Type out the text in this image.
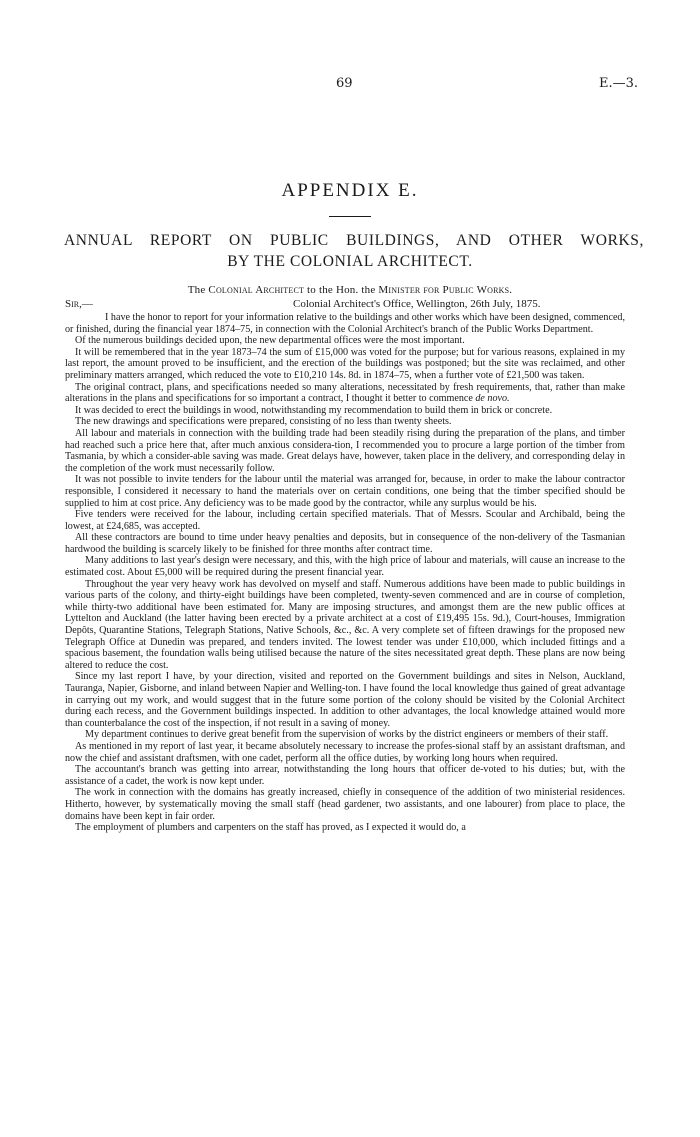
69	E.—3.
APPENDIX E.
ANNUAL REPORT ON PUBLIC BUILDINGS, AND OTHER WORKS,
BY THE COLONIAL ARCHITECT.
The Colonial Architect to the Hon. the Minister for Public Works.
Sir,—	Colonial Architect's Office, Wellington, 26th July, 1875.

I have the honor to report for your information relative to the buildings and other works which have been designed, commenced, or finished, during the financial year 1874–75, in connection with the Colonial Architect's branch of the Public Works Department.

Of the numerous buildings decided upon, the new departmental offices were the most important.

It will be remembered that in the year 1873–74 the sum of £15,000 was voted for the purpose; but for various reasons, explained in my last report, the amount proved to be insufficient, and the erection of the buildings was postponed; but the site was reclaimed, and other preliminary matters arranged, which reduced the vote to £10,210 14s. 8d. in 1874–75, when a further vote of £21,500 was taken.

The original contract, plans, and specifications needed so many alterations, necessitated by fresh requirements, that, rather than make alterations in the plans and specifications for so important a contract, I thought it better to commence de novo.

It was decided to erect the buildings in wood, notwithstanding my recommendation to build them in brick or concrete.

The new drawings and specifications were prepared, consisting of no less than twenty sheets.

All labour and materials in connection with the building trade had been steadily rising during the preparation of the plans, and timber had reached such a price here that, after much anxious considera-tion, I recommended you to procure a large portion of the timber from Tasmania, by which a consider-able saving was made. Great delays have, however, taken place in the delivery, and corresponding delay in the completion of the work must necessarily follow.

It was not possible to invite tenders for the labour until the material was arranged for, because, in order to make the labour contractor responsible, I considered it necessary to hand the materials over on certain conditions, one being that the timber specified should be supplied to him at cost price. Any deficiency was to be made good by the contractor, while any surplus would be his.

Five tenders were received for the labour, including certain specified materials. That of Messrs. Scoular and Archibald, being the lowest, at £24,685, was accepted.

All these contractors are bound to time under heavy penalties and deposits, but in consequence of the non-delivery of the Tasmanian hardwood the building is scarcely likely to be finished for three months after contract time.

Many additions to last year's design were necessary, and this, with the high price of labour and materials, will cause an increase to the estimated cost. About £5,000 will be required during the present financial year.

Throughout the year very heavy work has devolved on myself and staff. Numerous additions have been made to public buildings in various parts of the colony, and thirty-eight buildings have been completed, twenty-seven commenced and are in course of completion, while thirty-two additional have been estimated for. Many are imposing structures, and amongst them are the new public offices at Lyttelton and Auckland (the latter having been erected by a private architect at a cost of £19,495 15s. 9d.), Court-houses, Immigration Depôts, Quarantine Stations, Telegraph Stations, Native Schools, &c., &c. A very complete set of fifteen drawings for the proposed new Telegraph Office at Dunedin was prepared, and tenders invited. The lowest tender was under £10,000, which included fittings and a spacious basement, the foundation walls being utilised because the nature of the sites necessitated great depth. These plans are now being altered to reduce the cost.

Since my last report I have, by your direction, visited and reported on the Government buildings and sites in Nelson, Auckland, Tauranga, Napier, Gisborne, and inland between Napier and Welling-ton. I have found the local knowledge thus gained of great advantage in carrying out my work, and would suggest that in the future some portion of the colony should be visited by the Colonial Architect during each recess, and the Government buildings inspected. In addition to other advantages, the local knowledge attained would more than counterbalance the cost of the inspection, if not result in a saving of money.

My department continues to derive great benefit from the supervision of works by the district engineers or members of their staff.

As mentioned in my report of last year, it became absolutely necessary to increase the profes-sional staff by an assistant draftsman, and now the chief and assistant draftsmen, with one cadet, perform all the office duties, by working long hours when required.

The accountant's branch was getting into arrear, notwithstanding the long hours that officer de-voted to his duties; but, with the assistance of a cadet, the work is now kept under.

The work in connection with the domains has greatly increased, chiefly in consequence of the addition of two ministerial residences. Hitherto, however, by systematically moving the small staff (head gardener, two assistants, and one labourer) from place to place, the domains have been kept in fair order.

The employment of plumbers and carpenters on the staff has proved, as I expected it would do, a
